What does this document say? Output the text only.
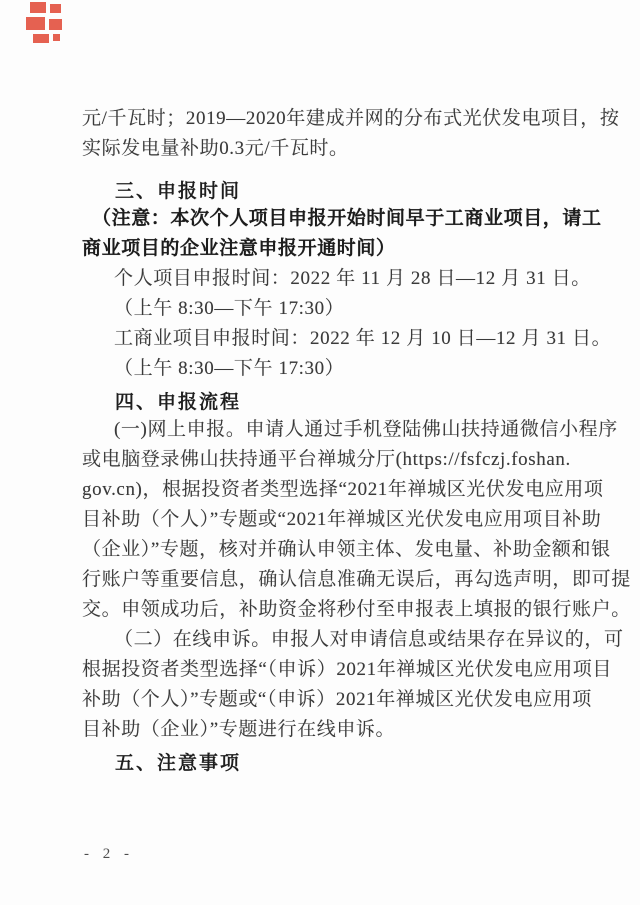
元/千瓦时；2019—2020年建成并网的分布式光伏发电项目，按

实际发电量补助0.3元/千瓦时。

三、申报时间

（注意：本次个人项目申报开始时间早于工商业项目，请工

商业项目的企业注意申报开通时间）

个人项目申报时间：2022 年 11 月 28 日—12 月 31 日。

（上午 8:30—下午 17:30）

工商业项目申报时间：2022 年 12 月 10 日—12 月 31 日。

（上午 8:30—下午 17:30）

四、申报流程

(一)网上申报。申请人通过手机登陆佛山扶持通微信小程序

或电脑登录佛山扶持通平台禅城分厅(https://fsfczj.foshan.

gov.cn)，根据投资者类型选择“2021年禅城区光伏发电应用项

目补助（个人）”专题或“2021年禅城区光伏发电应用项目补助

（企业）”专题，核对并确认申领主体、发电量、补助金额和银

行账户等重要信息，确认信息准确无误后，再勾选声明，即可提

交。申领成功后，补助资金将秒付至申报表上填报的银行账户。

（二）在线申诉。申报人对申请信息或结果存在异议的，可

根据投资者类型选择“（申诉）2021年禅城区光伏发电应用项目

补助（个人）”专题或“（申诉）2021年禅城区光伏发电应用项

目补助（企业）”专题进行在线申诉。

五、注意事项

- 2 -
